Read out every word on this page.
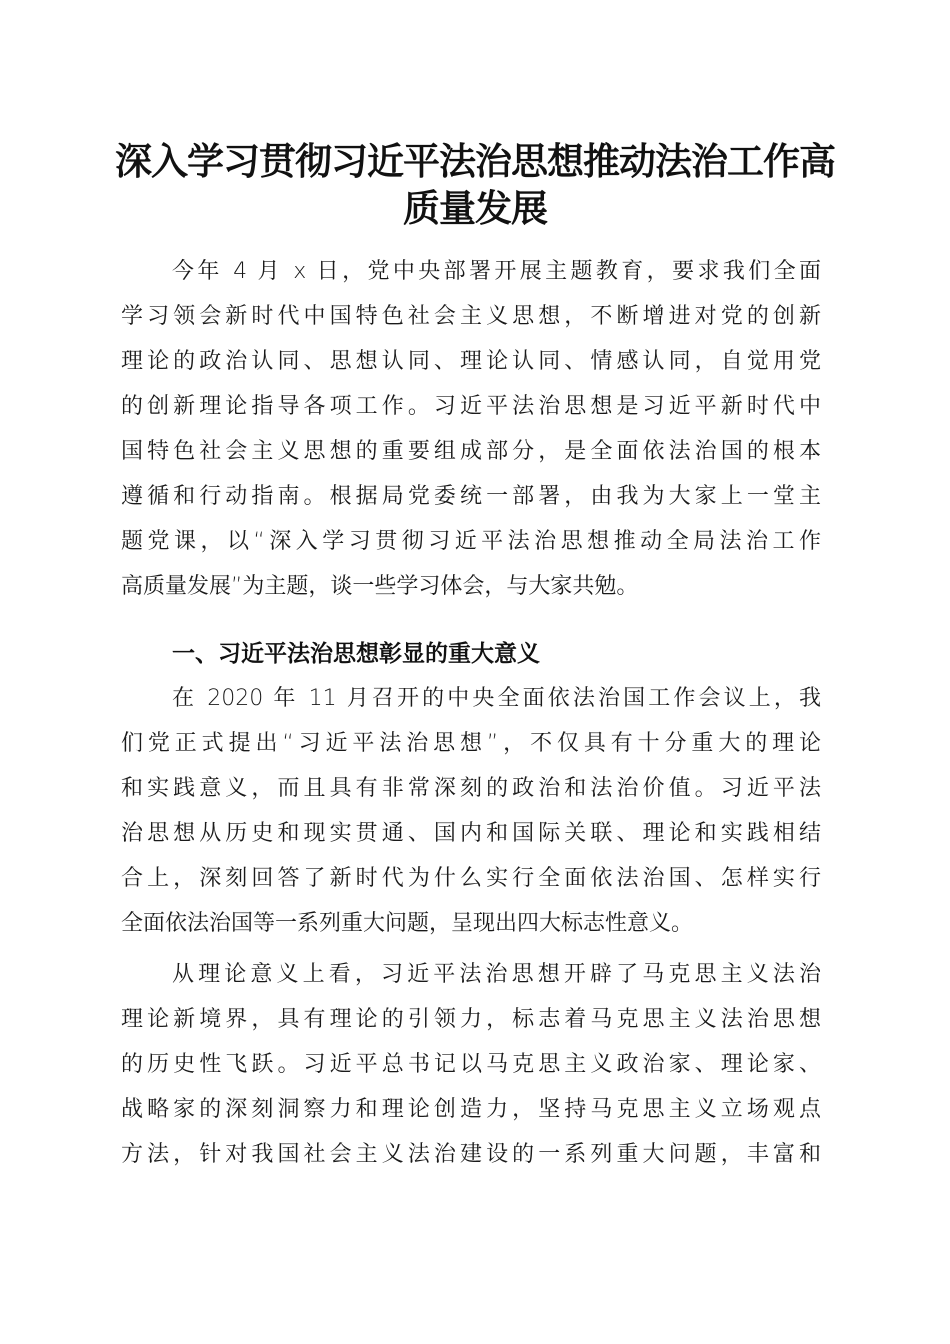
深入学习贯彻习近平法治思想推动法治工作高
质量发展
今年 4 月 x 日，党中央部署开展主题教育，要求我们全面
学习领会新时代中国特色社会主义思想，不断增进对党的创新
理论的政治认同、思想认同、理论认同、情感认同，自觉用党
的创新理论指导各项工作。习近平法治思想是习近平新时代中
国特色社会主义思想的重要组成部分，是全面依法治国的根本
遵循和行动指南。根据局党委统一部署，由我为大家上一堂主
题党课，以“深入学习贯彻习近平法治思想推动全局法治工作
高质量发展”为主题，谈一些学习体会，与大家共勉。
一、习近平法治思想彰显的重大意义
在 2020 年 11 月召开的中央全面依法治国工作会议上，我
们党正式提出“习近平法治思想”，不仅具有十分重大的理论
和实践意义，而且具有非常深刻的政治和法治价值。习近平法
治思想从历史和现实贯通、国内和国际关联、理论和实践相结
合上，深刻回答了新时代为什么实行全面依法治国、怎样实行
全面依法治国等一系列重大问题，呈现出四大标志性意义。
从理论意义上看，习近平法治思想开辟了马克思主义法治
理论新境界，具有理论的引领力，标志着马克思主义法治思想
的历史性飞跃。习近平总书记以马克思主义政治家、理论家、
战略家的深刻洞察力和理论创造力，坚持马克思主义立场观点
方法，针对我国社会主义法治建设的一系列重大问题，丰富和
